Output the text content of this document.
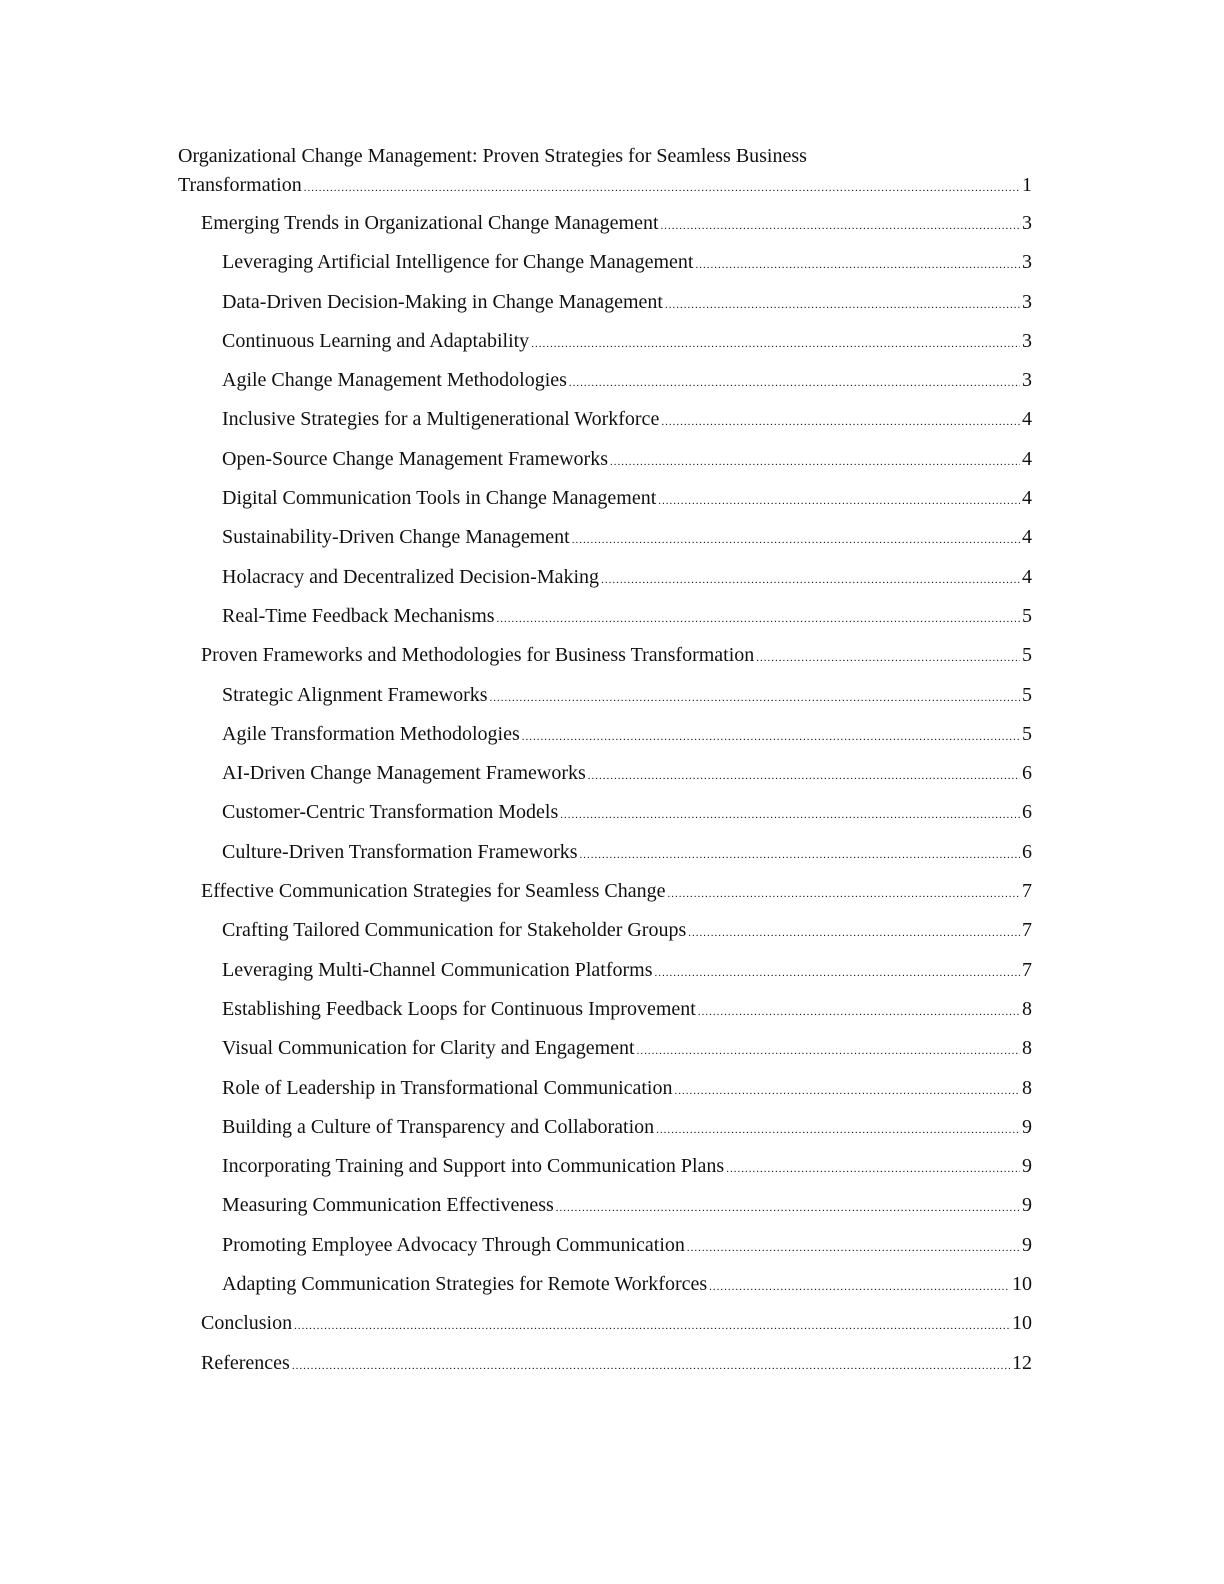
Organizational Change Management: Proven Strategies for Seamless Business
Transformation .....	1
Emerging Trends in Organizational Change Management .....	3
Leveraging Artificial Intelligence for Change Management .....	3
Data-Driven Decision-Making in Change Management .....	3
Continuous Learning and Adaptability .....	3
Agile Change Management Methodologies .....	3
Inclusive Strategies for a Multigenerational Workforce .....	4
Open-Source Change Management Frameworks .....	4
Digital Communication Tools in Change Management .....	4
Sustainability-Driven Change Management .....	4
Holacracy and Decentralized Decision-Making .....	4
Real-Time Feedback Mechanisms .....	5
Proven Frameworks and Methodologies for Business Transformation .....	5
Strategic Alignment Frameworks .....	5
Agile Transformation Methodologies .....	5
AI-Driven Change Management Frameworks .....	6
Customer-Centric Transformation Models .....	6
Culture-Driven Transformation Frameworks .....	6
Effective Communication Strategies for Seamless Change .....	7
Crafting Tailored Communication for Stakeholder Groups .....	7
Leveraging Multi-Channel Communication Platforms .....	7
Establishing Feedback Loops for Continuous Improvement .....	8
Visual Communication for Clarity and Engagement .....	8
Role of Leadership in Transformational Communication .....	8
Building a Culture of Transparency and Collaboration .....	9
Incorporating Training and Support into Communication Plans .....	9
Measuring Communication Effectiveness .....	9
Promoting Employee Advocacy Through Communication .....	9
Adapting Communication Strategies for Remote Workforces .....	10
Conclusion .....	10
References .....	12
